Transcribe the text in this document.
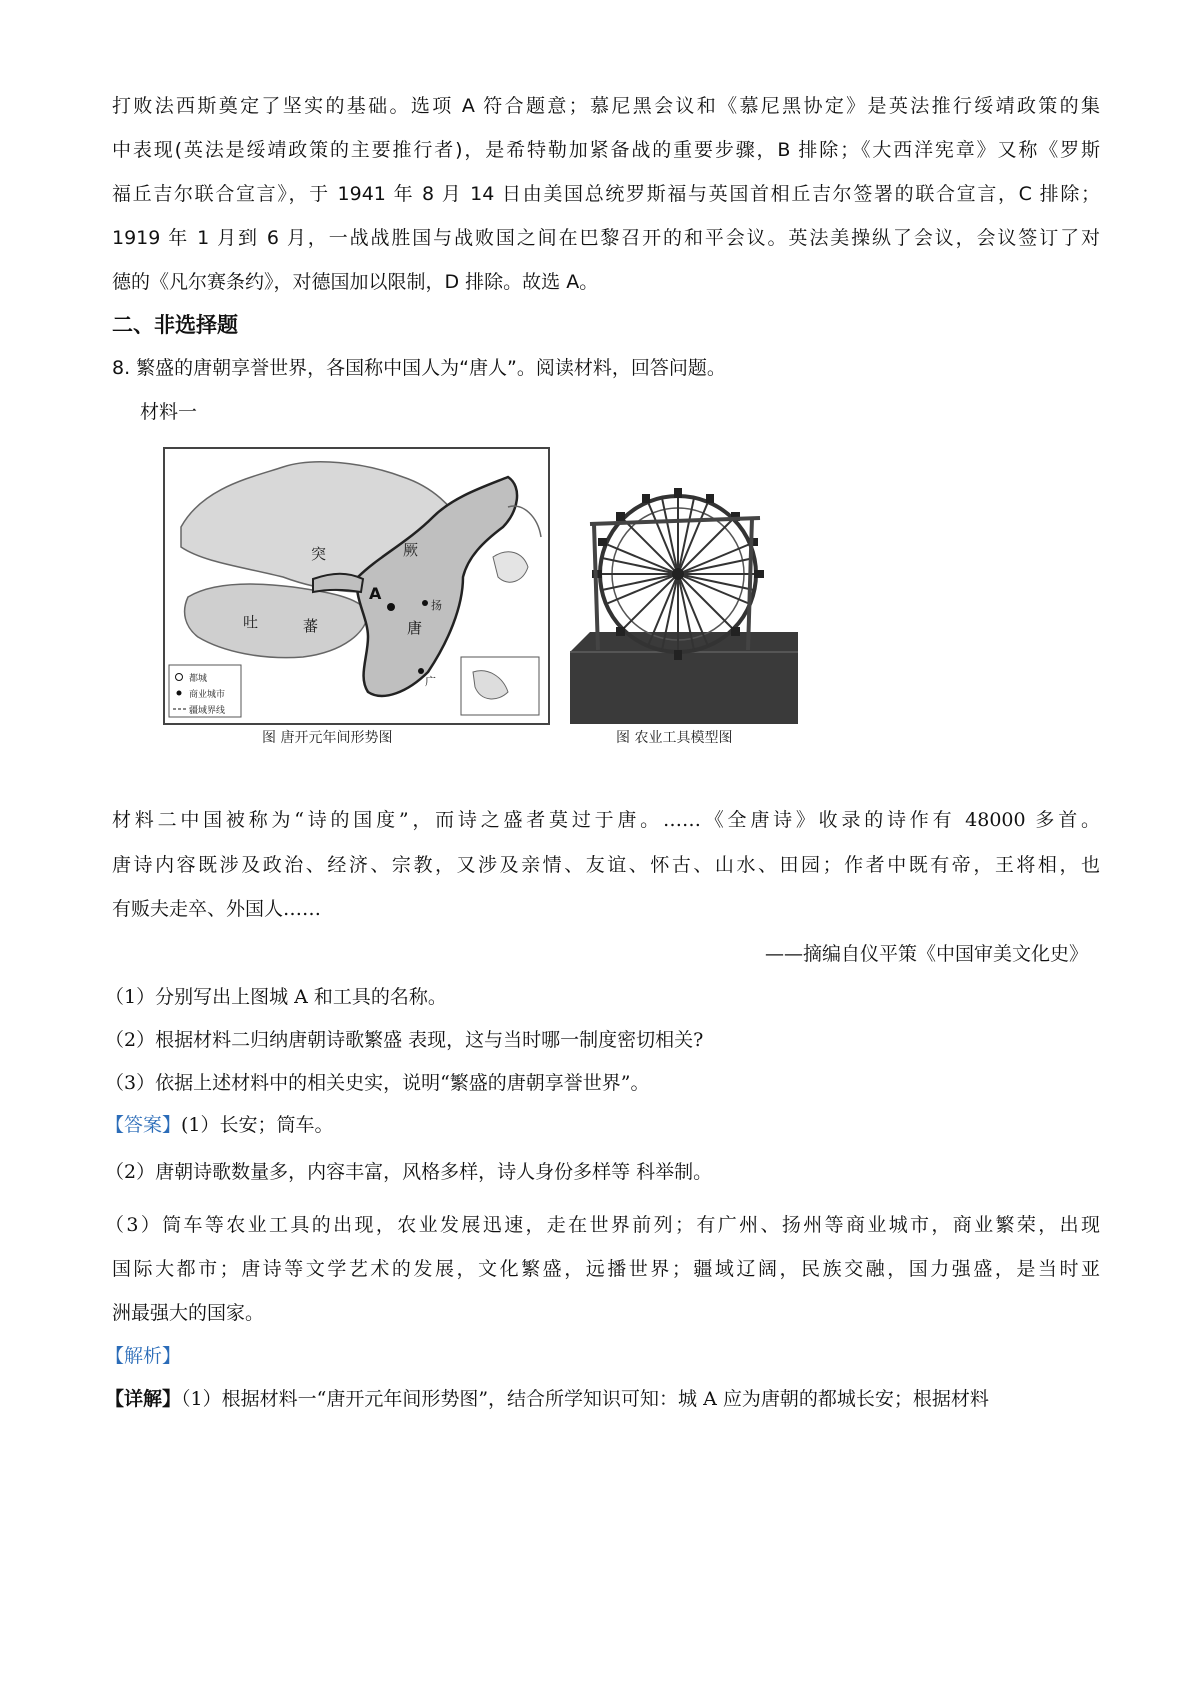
打败法西斯奠定了坚实的基础。选项 A 符合题意；慕尼黑会议和《慕尼黑协定》是英法推行绥靖政策的集
中表现(英法是绥靖政策的主要推行者)，是希特勒加紧备战的重要步骤，B 排除；《大西洋宪章》又称《罗斯
福丘吉尔联合宣言》，于 1941 年 8 月 14 日由美国总统罗斯福与英国首相丘吉尔签署的联合宣言，C 排除；
1919 年 1 月到 6 月，一战战胜国与战败国之间在巴黎召开的和平会议。英法美操纵了会议，会议签订了对
德的《凡尔赛条约》，对德国加以限制，D 排除。故选 A。
二、非选择题
8. 繁盛的唐朝享誉世界，各国称中国人为“唐人”。阅读材料，回答问题。
材料一
突	厥
吐	蕃
A
唐
扬
广
都城
商业城市
疆域界线
图 唐开元年间形势图	图 农业工具模型图
材料二中国被称为“诗的国度”，而诗之盛者莫过于唐。……《全唐诗》收录的诗作有 48000 多首。
唐诗内容既涉及政治、经济、宗教，又涉及亲情、友谊、怀古、山水、田园；作者中既有帝，王将相，也
有贩夫走卒、外国人……
——摘编自仪平策《中国审美文化史》
（1）分别写出上图城 A 和工具的名称。
（2）根据材料二归纳唐朝诗歌繁盛 表现，这与当时哪一制度密切相关?
（3）依据上述材料中的相关史实，说明“繁盛的唐朝享誉世界”。
【答案】(1）长安；筒车。
（2）唐朝诗歌数量多，内容丰富，风格多样，诗人身份多样等 科举制。
（3）筒车等农业工具的出现，农业发展迅速，走在世界前列；有广州、扬州等商业城市，商业繁荣，出现
国际大都市；唐诗等文学艺术的发展，文化繁盛，远播世界；疆域辽阔，民族交融，国力强盛，是当时亚
洲最强大的国家。
【解析】
【详解】（1）根据材料一“唐开元年间形势图”，结合所学知识可知：城 A 应为唐朝的都城长安；根据材料
